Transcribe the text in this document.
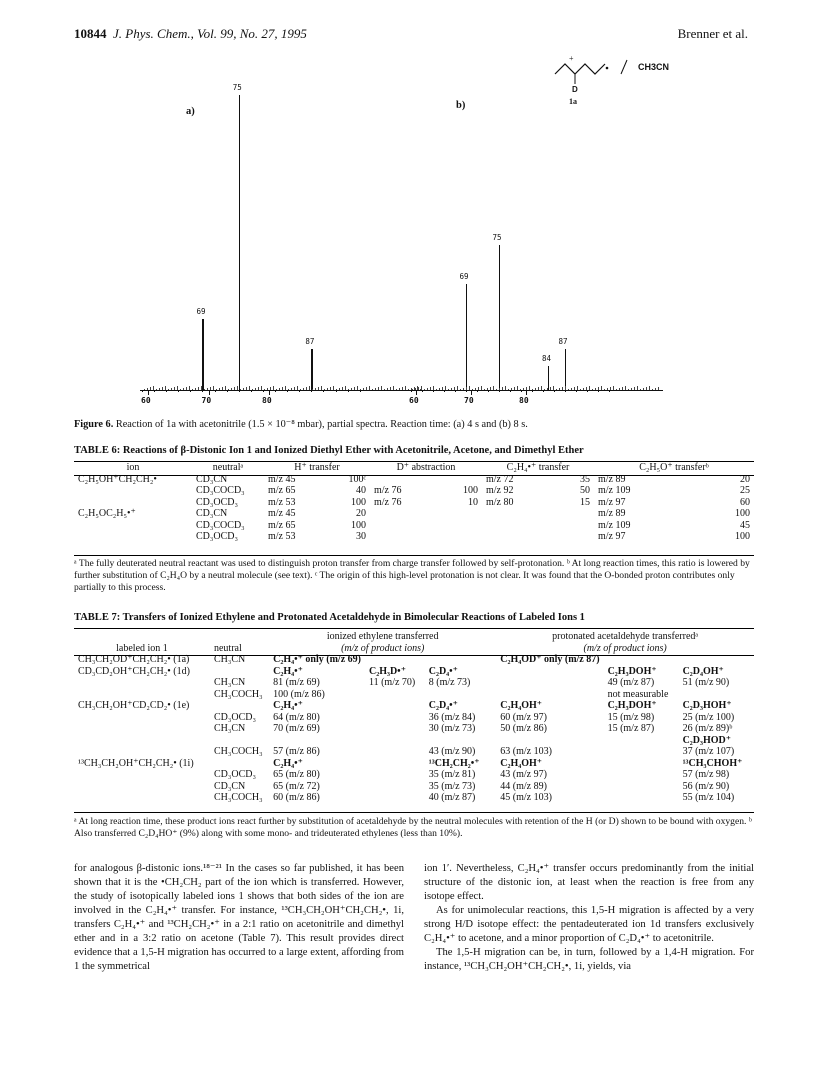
10844 J. Phys. Chem., Vol. 99, No. 27, 1995	Brenner et al.
+
D
1a
CH3CN
a)
b)
60	70	80
69
75
87
60	70	80
69
75
84
87
Figure 6. Reaction of 1a with acetonitrile (1.5 × 10⁻⁸ mbar), partial spectra. Reaction time: (a) 4 s and (b) 8 s.
TABLE 6: Reactions of β-Distonic Ion 1 and Ionized Diethyl Ether with Acetonitrile, Acetone, and Dimethyl Ether
ion	neutralᵃ	H⁺ transfer		D⁺ abstraction		C₂H₄•⁺ transfer		C₂H₅O⁺ transferᵇ	
C₂H₅OH⁺CH₂CH₂•	CD₃CN	m/z 45	100ᶜ			m/z 72	35	m/z 89	20
	CD₃COCD₃	m/z 65	40	m/z 76	100	m/z 92	50	m/z 109	25
	CD₃OCD₃	m/z 53	100	m/z 76	10	m/z 80	15	m/z 97	60
C₂H₅OC₂H₅•⁺	CD₃CN	m/z 45	20					m/z 89	100
	CD₃COCD₃	m/z 65	100					m/z 109	45
	CD₃OCD₃	m/z 53	30					m/z 97	100
ᵃ The fully deuterated neutral reactant was used to distinguish proton transfer from charge transfer followed by self-protonation. ᵇ At long reaction times, this ratio is lowered by further substitution of C₂H₄O by a neutral molecule (see text). ᶜ The origin of this high-level protonation is not clear. It was found that the O-bonded proton contributes only partially to this process.
TABLE 7: Transfers of Ionized Ethylene and Protonated Acetaldehyde in Bimolecular Reactions of Labeled Ions 1
		ionized ethylene transferred			protonated acetaldehyde transferredᵃ		
labeled ion 1	neutral	(m/z of product ions)			(m/z of product ions)		
CH₃CH₂OD⁺CH₂CH₂• (1a)	CH₃CN	C₂H₄•⁺ only (m/z 69)			C₂H₄OD⁺ only (m/z 87)		
CD₃CD₂OH⁺CH₂CH₂• (1d)		C₂H₄•⁺	C₂H₃D•⁺	C₂D₄•⁺		C₂H₃DOH⁺	C₂D₄OH⁺
	CH₃CN	81 (m/z 69)	11 (m/z 70)	8 (m/z 73)		49 (m/z 87)	51 (m/z 90)
	CH₃COCH₃	100 (m/z 86)				not measurable	
CH₃CH₂OH⁺CD₂CD₂• (1e)		C₂H₄•⁺		C₂D₄•⁺	C₂H₄OH⁺	C₂H₃DOH⁺	C₂D₃HOH⁺
	CD₃OCD₃	64 (m/z 80)		36 (m/z 84)	60 (m/z 97)	15 (m/z 98)	25 (m/z 100)
	CH₃CN	70 (m/z 69)		30 (m/z 73)	50 (m/z 86)	15 (m/z 87)	26 (m/z 89)ᵇ
							C₂D₃HOD⁺
	CH₃COCH₃	57 (m/z 86)		43 (m/z 90)	63 (m/z 103)		37 (m/z 107)
¹³CH₃CH₂OH⁺CH₂CH₂• (1i)		C₂H₄•⁺		¹³CH₂CH₂•⁺	C₂H₄OH⁺		¹³CH₃CHOH⁺
	CD₃OCD₃	65 (m/z 80)		35 (m/z 81)	43 (m/z 97)		57 (m/z 98)
	CD₃CN	65 (m/z 72)		35 (m/z 73)	44 (m/z 89)		56 (m/z 90)
	CH₃COCH₃	60 (m/z 86)		40 (m/z 87)	45 (m/z 103)		55 (m/z 104)
ᵃ At long reaction time, these product ions react further by substitution of acetaldehyde by the neutral molecules with retention of the H (or D) shown to be bound with oxygen. ᵇ Also transferred C₂D₄HO⁺ (9%) along with some mono- and trideuterated ethylenes (less than 10%).
for analogous β-distonic ions.¹⁸⁻²¹ In the cases so far published, it has been shown that it is the •CH₂CH₂ part of the ion which is transferred. However, the study of isotopically labeled ions 1 shows that both sides of the ion are involved in the C₂H₄•⁺ transfer. For instance, ¹³CH₃CH₂OH⁺CH₂CH₂•, 1i, transfers C₂H₄•⁺ and ¹³CH₂CH₂•⁺ in a 2:1 ratio on acetonitrile and dimethyl ether and in a 3:2 ratio on acetone (Table 7). This result provides direct evidence that a 1,5-H migration has occurred to a large extent, affording from 1 the symmetrical
ion 1′. Nevertheless, C₂H₄•⁺ transfer occurs predominantly from the initial structure of the distonic ion, at least when the reaction is free from any isotope effect.
As for unimolecular reactions, this 1,5-H migration is affected by a very strong H/D isotope effect: the pentadeuterated ion 1d transfers exclusively C₂H₄•⁺ to acetone, and a minor proportion of C₂D₄•⁺ to acetonitrile.
The 1,5-H migration can be, in turn, followed by a 1,4-H migration. For instance, ¹³CH₃CH₂OH⁺CH₂CH₂•, 1i, yields, via
